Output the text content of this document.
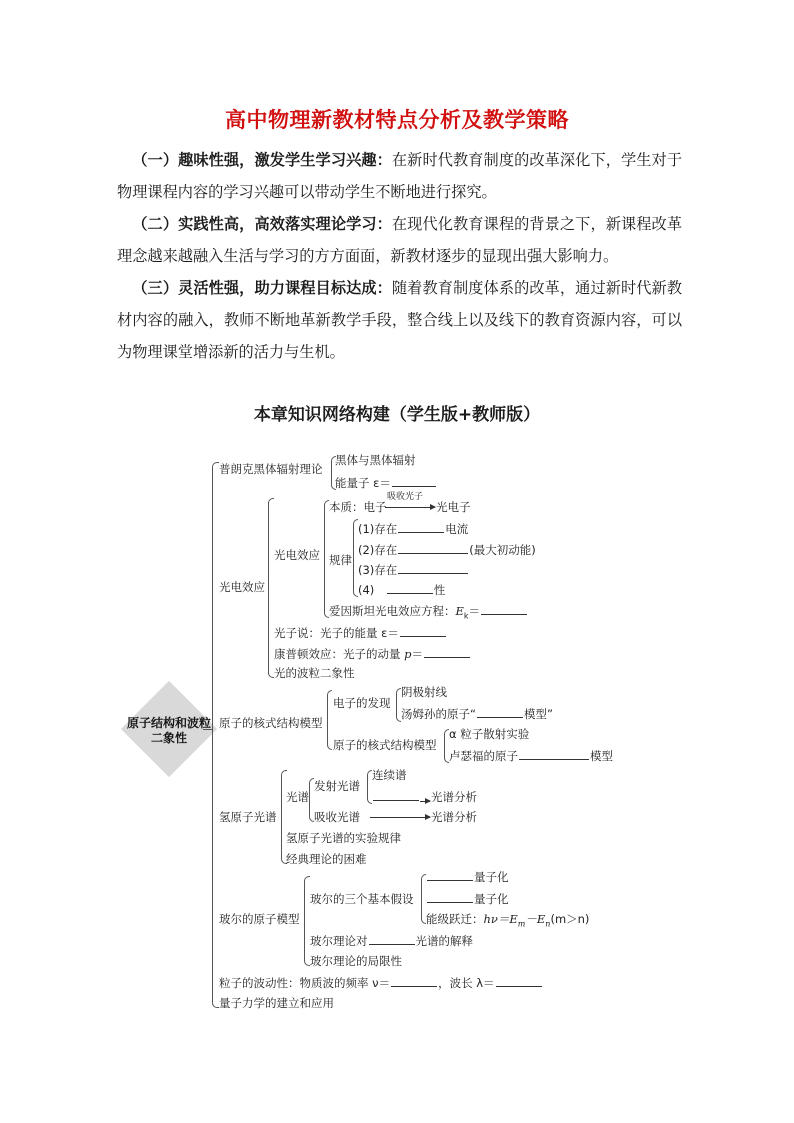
高中物理新教材特点分析及教学策略
 （一）趣味性强，激发学生学习兴趣：在新时代教育制度的改革深化下，学生对于物理课程内容的学习兴趣可以带动学生不断地进行探究。
 （二）实践性高，高效落实理论学习：在现代化教育课程的背景之下，新课程改革理念越来越融入生活与学习的方方面面，新教材逐步的显现出强大影响力。
 （三）灵活性强，助力课程目标达成：随着教育制度体系的改革，通过新时代新教材内容的融入，教师不断地革新教学手段，整合线上以及线下的教育资源内容，可以为物理课堂增添新的活力与生机。
本章知识网络构建（学生版+教师版）
原子结构和波粒二象性
普朗克黑体辐射理论
黑体与黑体辐射
能量子 ε＝
光电效应
光电效应
本质：电子
吸收光子
光电子
规律
(1)存在	电流
(2)存在	(最大初动能)
(3)存在
(4) 	性
爱因斯坦光电效应方程：$E_k=$
光子说：光子的能量 ε＝
康普顿效应：光子的动量 p＝
光的波粒二象性
原子的核式结构模型
电子的发现
阴极射线
汤姆孙的原子“	模型”
原子的核式结构模型
α 粒子散射实验
卢瑟福的原子	模型
氢原子光谱
光谱
发射光谱
连续谱
光谱分析
吸收光谱	光谱分析
氢原子光谱的实验规律
经典理论的困难
玻尔的原子模型
玻尔的三个基本假设
量子化
量子化
能级跃迁：$h\nu=E_m-E_n(m>n)$
玻尔理论对	光谱的解释
玻尔理论的局限性
粒子的波动性：物质波的频率 ν＝	，波长 λ＝
量子力学的建立和应用
